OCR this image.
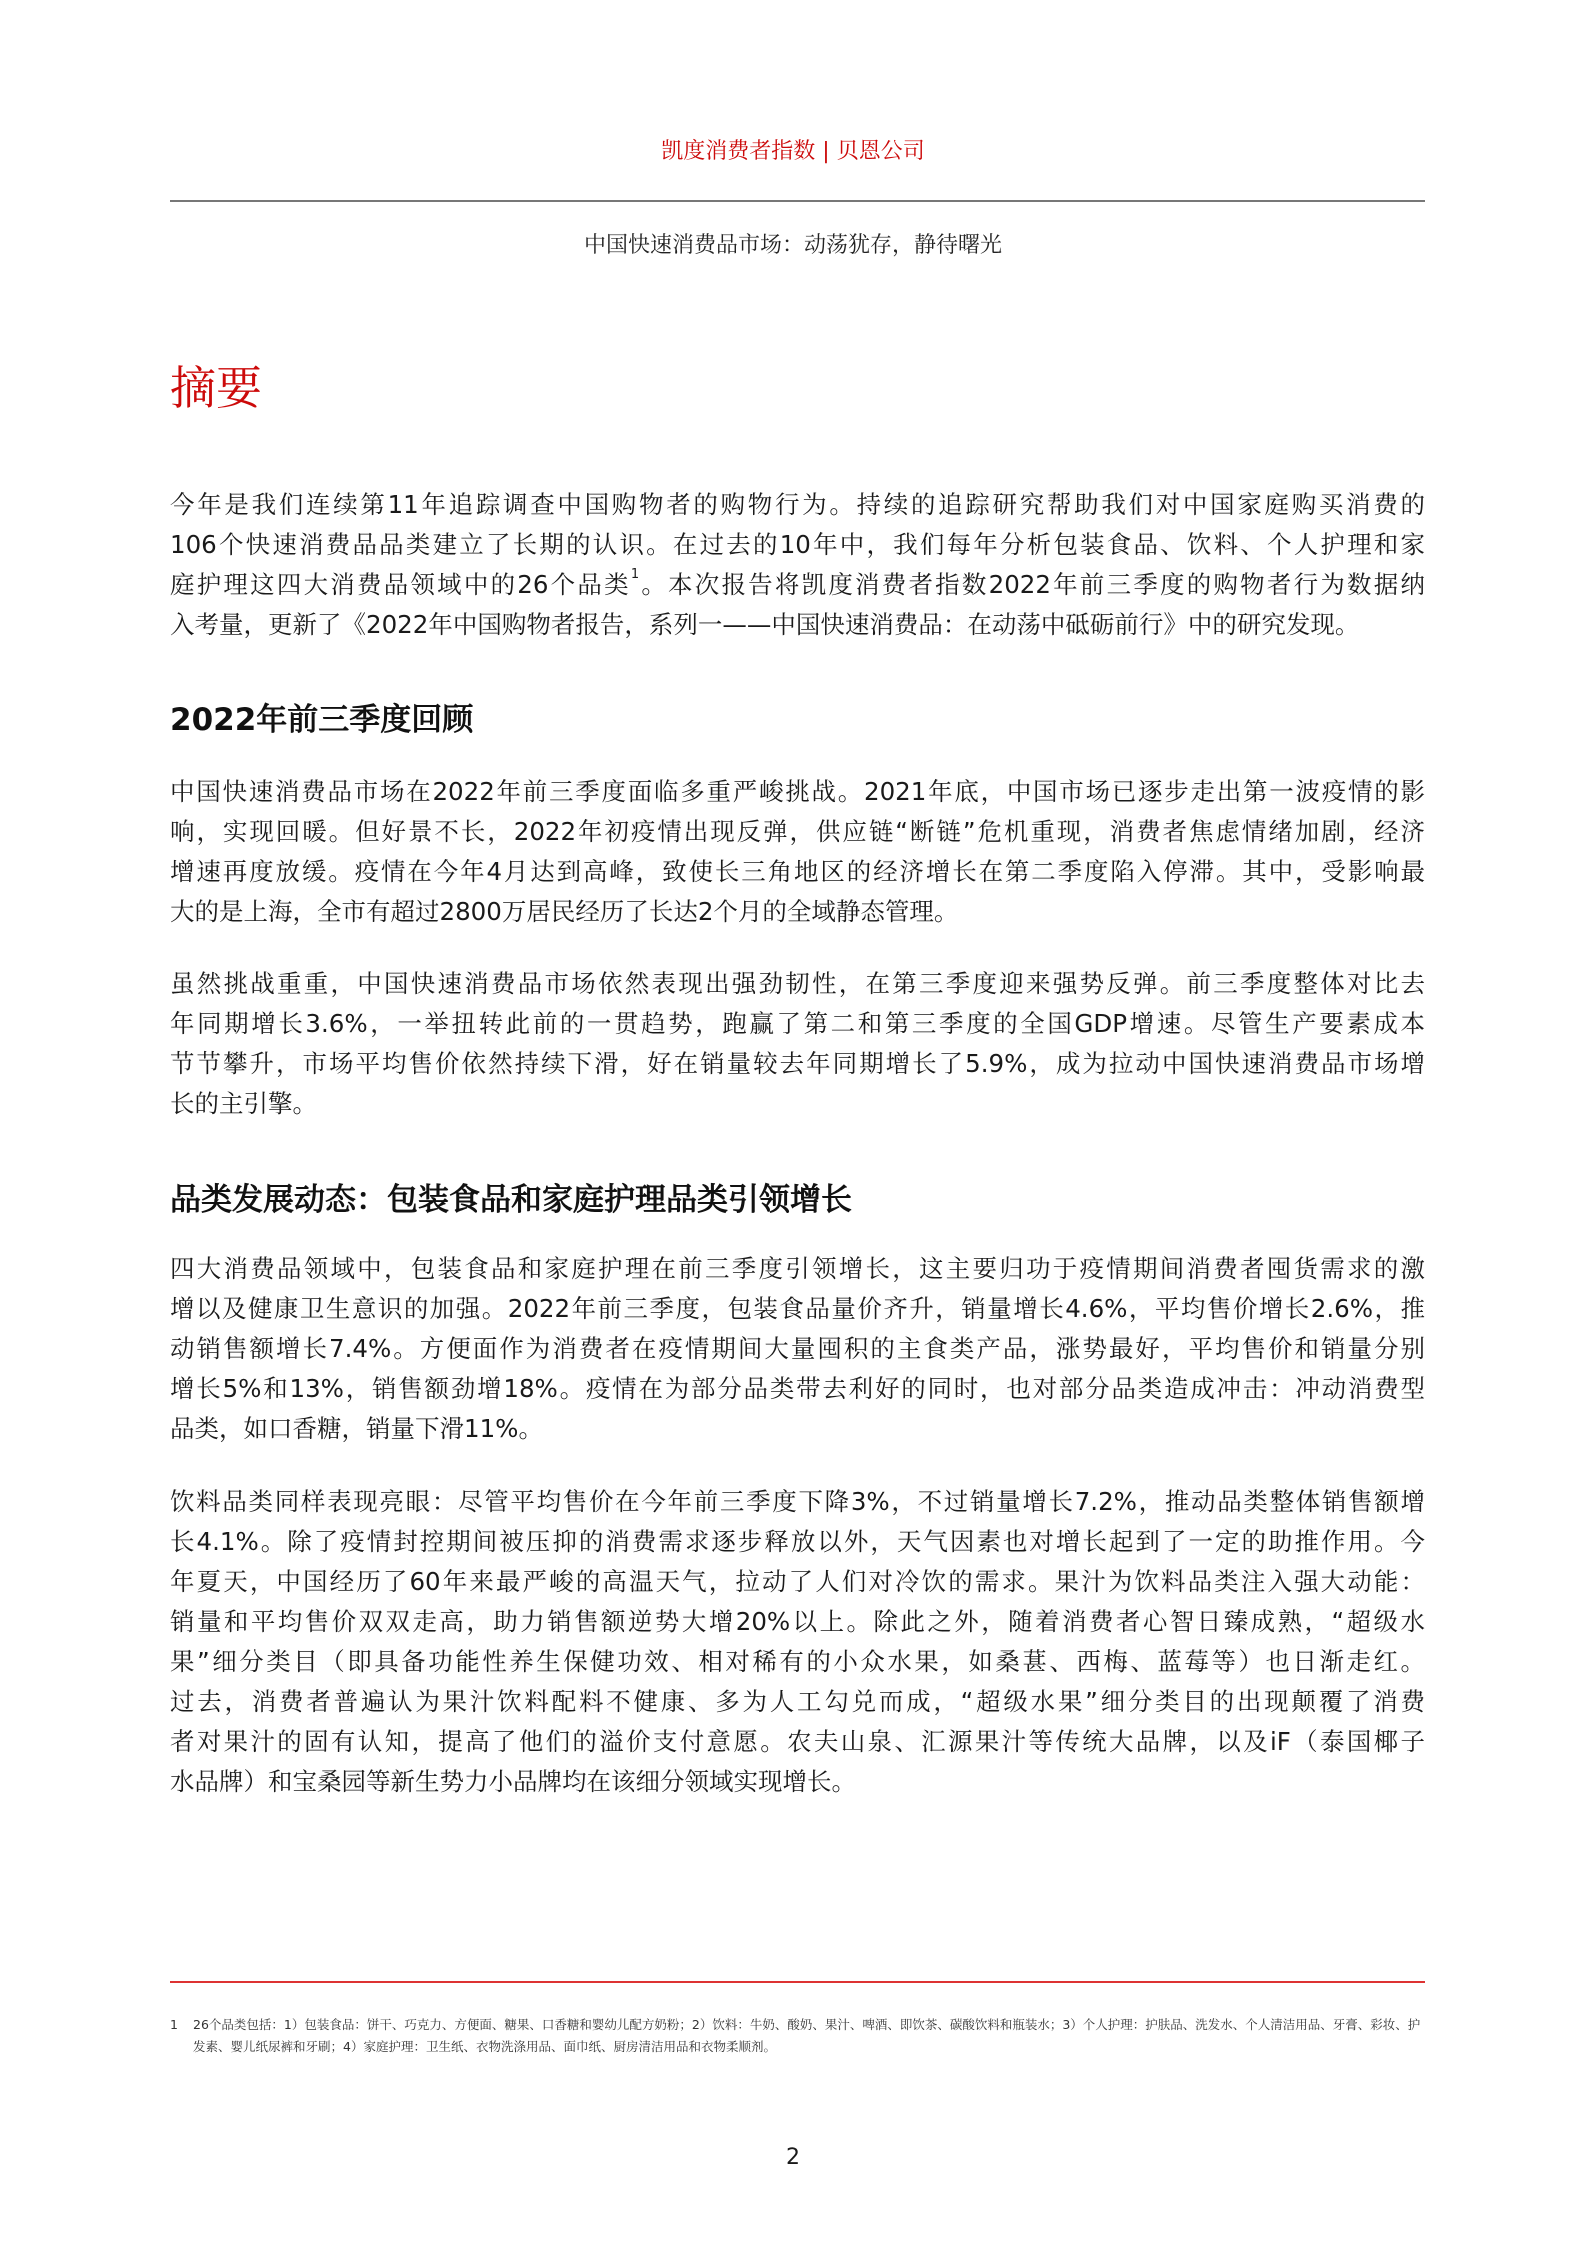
凯度消费者指数 | 贝恩公司
中国快速消费品市场：动荡犹存，静待曙光
摘要
今年是我们连续第11年追踪调查中国购物者的购物行为。持续的追踪研究帮助我们对中国家庭购买消费的
106个快速消费品品类建立了长期的认识。在过去的10年中，我们每年分析包装食品、饮料、个人护理和家
庭护理这四大消费品领域中的26个品类$^1$。本次报告将凯度消费者指数2022年前三季度的购物者行为数据纳
入考量，更新了《2022年中国购物者报告，系列一——中国快速消费品：在动荡中砥砺前行》中的研究发现。
2022年前三季度回顾
中国快速消费品市场在2022年前三季度面临多重严峻挑战。2021年底，中国市场已逐步走出第一波疫情的影
响，实现回暖。但好景不长，2022年初疫情出现反弹，供应链“断链”危机重现，消费者焦虑情绪加剧，经济
增速再度放缓。疫情在今年4月达到高峰，致使长三角地区的经济增长在第二季度陷入停滞。其中，受影响最
大的是上海，全市有超过2800万居民经历了长达2个月的全域静态管理。
虽然挑战重重，中国快速消费品市场依然表现出强劲韧性，在第三季度迎来强势反弹。前三季度整体对比去
年同期增长3.6%，一举扭转此前的一贯趋势，跑赢了第二和第三季度的全国GDP增速。尽管生产要素成本
节节攀升，市场平均售价依然持续下滑，好在销量较去年同期增长了5.9%，成为拉动中国快速消费品市场增
长的主引擎。
品类发展动态：包装食品和家庭护理品类引领增长
四大消费品领域中，包装食品和家庭护理在前三季度引领增长，这主要归功于疫情期间消费者囤货需求的激
增以及健康卫生意识的加强。2022年前三季度，包装食品量价齐升，销量增长4.6%，平均售价增长2.6%，推
动销售额增长7.4%。方便面作为消费者在疫情期间大量囤积的主食类产品，涨势最好，平均售价和销量分别
增长5%和13%，销售额劲增18%。疫情在为部分品类带去利好的同时，也对部分品类造成冲击：冲动消费型
品类，如口香糖，销量下滑11%。
饮料品类同样表现亮眼：尽管平均售价在今年前三季度下降3%，不过销量增长7.2%，推动品类整体销售额增
长4.1%。除了疫情封控期间被压抑的消费需求逐步释放以外，天气因素也对增长起到了一定的助推作用。今
年夏天，中国经历了60年来最严峻的高温天气，拉动了人们对冷饮的需求。果汁为饮料品类注入强大动能：
销量和平均售价双双走高，助力销售额逆势大增20%以上。除此之外，随着消费者心智日臻成熟，“超级水
果”细分类目（即具备功能性养生保健功效、相对稀有的小众水果，如桑葚、西梅、蓝莓等）也日渐走红。
过去，消费者普遍认为果汁饮料配料不健康、多为人工勾兑而成，“超级水果”细分类目的出现颠覆了消费
者对果汁的固有认知，提高了他们的溢价支付意愿。农夫山泉、汇源果汁等传统大品牌，以及iF（泰国椰子
水品牌）和宝桑园等新生势力小品牌均在该细分领域实现增长。
1 26个品类包括：1）包装食品：饼干、巧克力、方便面、糖果、口香糖和婴幼儿配方奶粉；2）饮料：牛奶、酸奶、果汁、啤酒、即饮茶、碳酸饮料和瓶装水；3）个人护理：护肤品、洗发水、个人清洁用品、牙膏、彩妆、护发素、婴儿纸尿裤和牙刷；4）家庭护理：卫生纸、衣物洗涤用品、面巾纸、厨房清洁用品和衣物柔顺剂。
2
